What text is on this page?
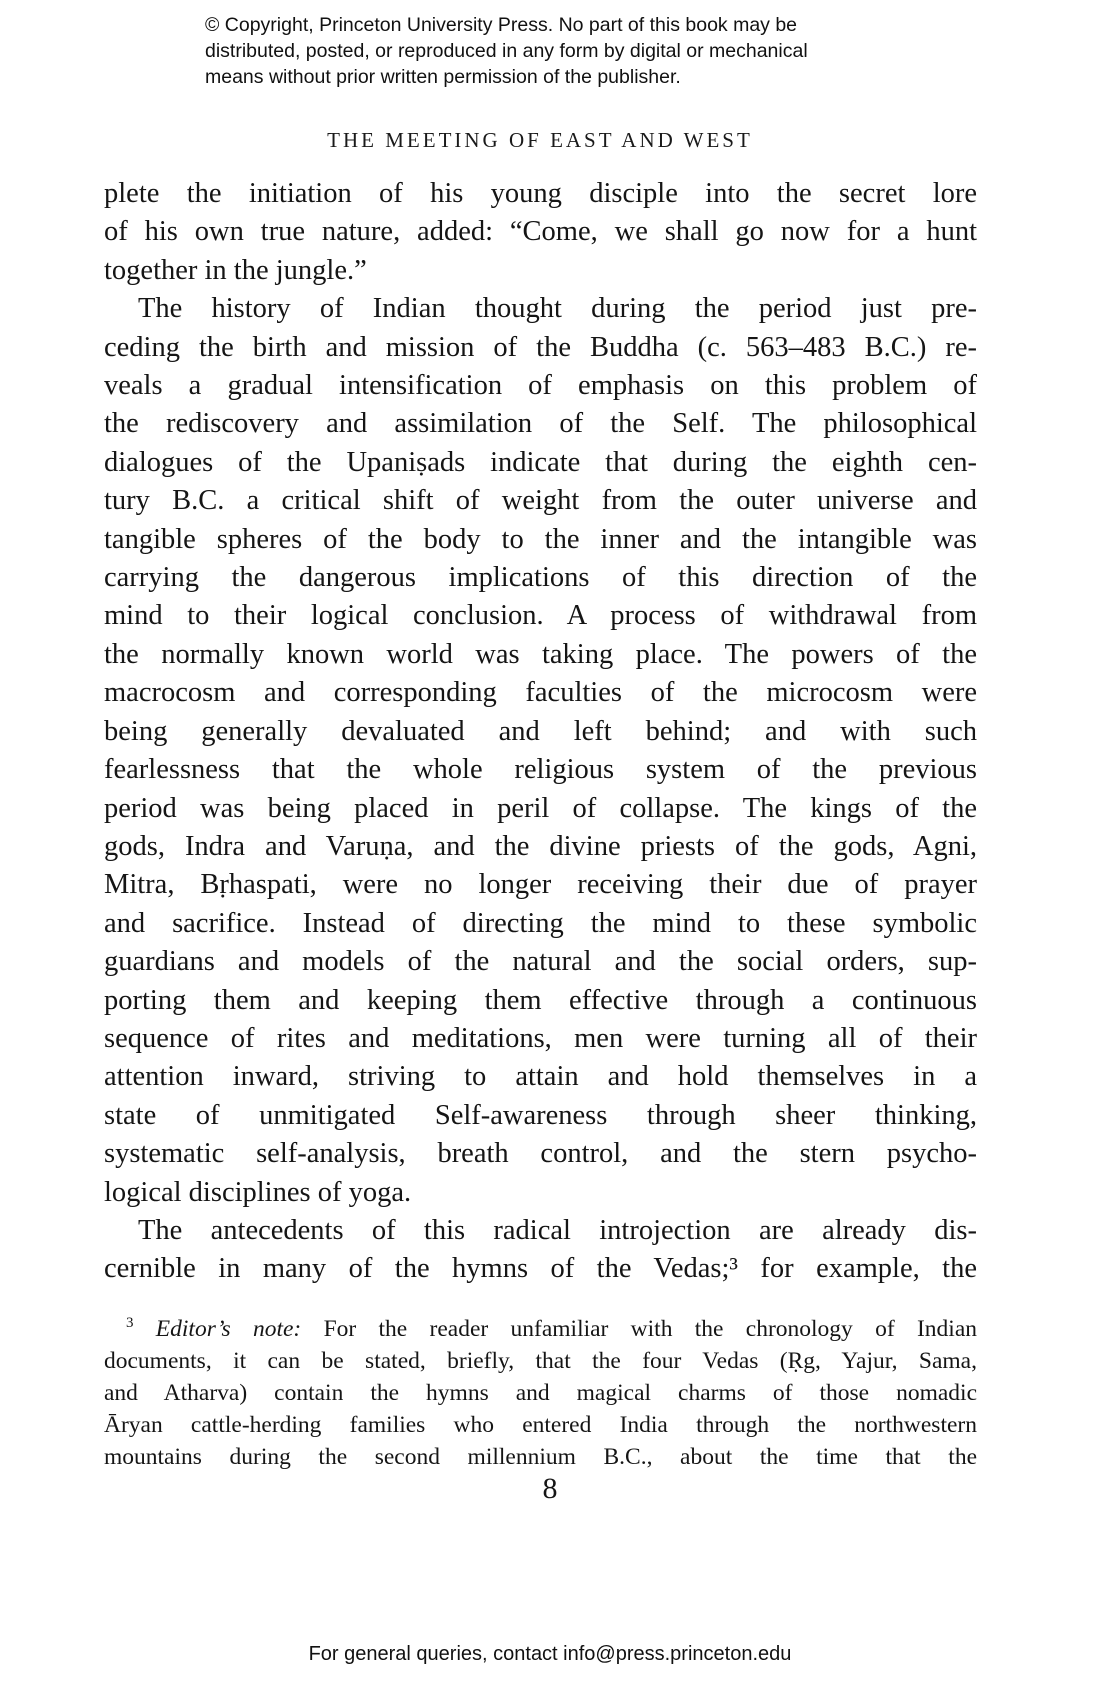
© Copyright, Princeton University Press. No part of this book may be
distributed, posted, or reproduced in any form by digital or mechanical
means without prior written permission of the publisher.
THE MEETING OF EAST AND WEST
plete the initiation of his young disciple into the secret lore
of his own true nature, added: “Come, we shall go now for a hunt
together in the jungle.”
The history of Indian thought during the period just pre-
ceding the birth and mission of the Buddha (c. 563–483 B.C.) re-
veals a gradual intensification of emphasis on this problem of
the rediscovery and assimilation of the Self. The philosophical
dialogues of the Upaniṣads indicate that during the eighth cen-
tury B.C. a critical shift of weight from the outer universe and
tangible spheres of the body to the inner and the intangible was
carrying the dangerous implications of this direction of the
mind to their logical conclusion. A process of withdrawal from
the normally known world was taking place. The powers of the
macrocosm and corresponding faculties of the microcosm were
being generally devaluated and left behind; and with such
fearlessness that the whole religious system of the previous
period was being placed in peril of collapse. The kings of the
gods, Indra and Varuṇa, and the divine priests of the gods, Agni,
Mitra, Bṛhaspati, were no longer receiving their due of prayer
and sacrifice. Instead of directing the mind to these symbolic
guardians and models of the natural and the social orders, sup-
porting them and keeping them effective through a continuous
sequence of rites and meditations, men were turning all of their
attention inward, striving to attain and hold themselves in a
state of unmitigated Self-awareness through sheer thinking,
systematic self-analysis, breath control, and the stern psycho-
logical disciplines of yoga.
The antecedents of this radical introjection are already dis-
cernible in many of the hymns of the Vedas;³ for example, the
$^3$ Editor’s note: For the reader unfamiliar with the chronology of Indian
documents, it can be stated, briefly, that the four Vedas (Ṛg, Yajur, Sama,
and Atharva) contain the hymns and magical charms of those nomadic
Āryan cattle-herding families who entered India through the northwestern
mountains during the second millennium B.C., about the time that the
8
For general queries, contact info@press.princeton.edu
